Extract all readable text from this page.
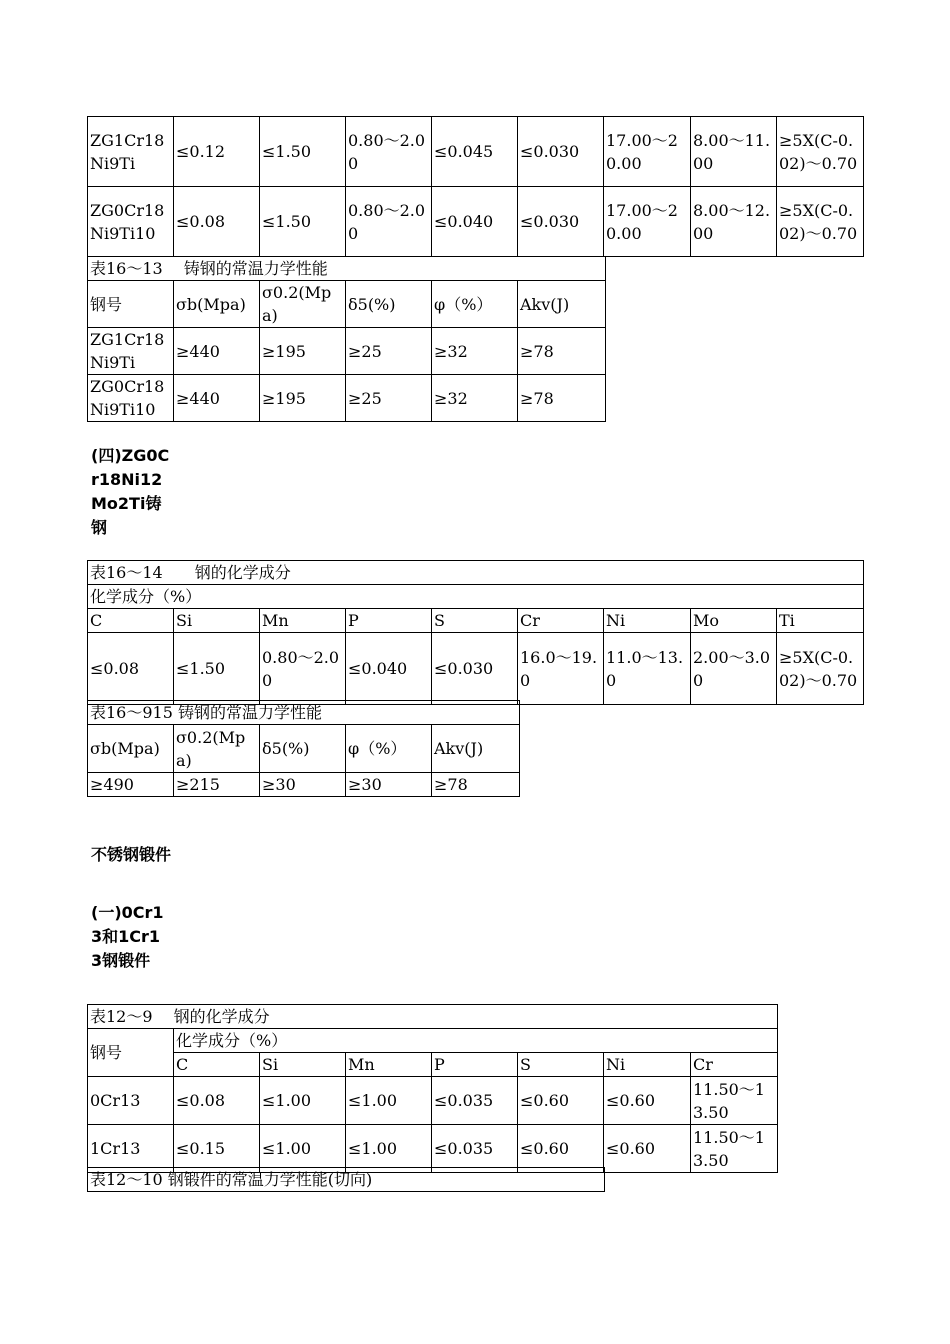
ZG1Cr18Ni9Ti	≤0.12	≤1.50	0.80～2.00	≤0.045	≤0.030	17.00～20.00	8.00～11.00	≥5X(C-0.02)～0.70
ZG0Cr18Ni9Ti10	≤0.08	≤1.50	0.80～2.00	≤0.040	≤0.030	17.00～20.00	8.00～12.00	≥5X(C-0.02)～0.70
表16～13　 铸钢的常温力学性能					
钢号	σb(Mpa)	σ0.2(Mpa)	δ5(%)	φ（%）	Akv(J)
ZG1Cr18Ni9Ti	≥440	≥195	≥25	≥32	≥78
ZG0Cr18Ni9Ti10	≥440	≥195	≥25	≥32	≥78
(四)ZG0Cr18Ni12Mo2Ti铸钢
表16～14　　钢的化学成分								
化学成分（%）								
C	Si	Mn	P	S	Cr	Ni	Mo	Ti
≤0.08	≤1.50	0.80～2.00	≤0.040	≤0.030	16.0～19.0	11.0～13.0	2.00～3.00	≥5X(C-0.02)～0.70
表16～915 铸钢的常温力学性能				
σb(Mpa)	σ0.2(Mpa)	δ5(%)	φ（%）	Akv(J)
≥490	≥215	≥30	≥30	≥78
不锈钢锻件
(一)0Cr13和1Cr13钢锻件
表12～9　 钢的化学成分							
钢号	化学成分（%）						
	C	Si	Mn	P	S	Ni	Cr
0Cr13	≤0.08	≤1.00	≤1.00	≤0.035	≤0.60	≤0.60	11.50～13.50
1Cr13	≤0.15	≤1.00	≤1.00	≤0.035	≤0.60	≤0.60	11.50～13.50
表12～10 钢锻件的常温力学性能(切向)
